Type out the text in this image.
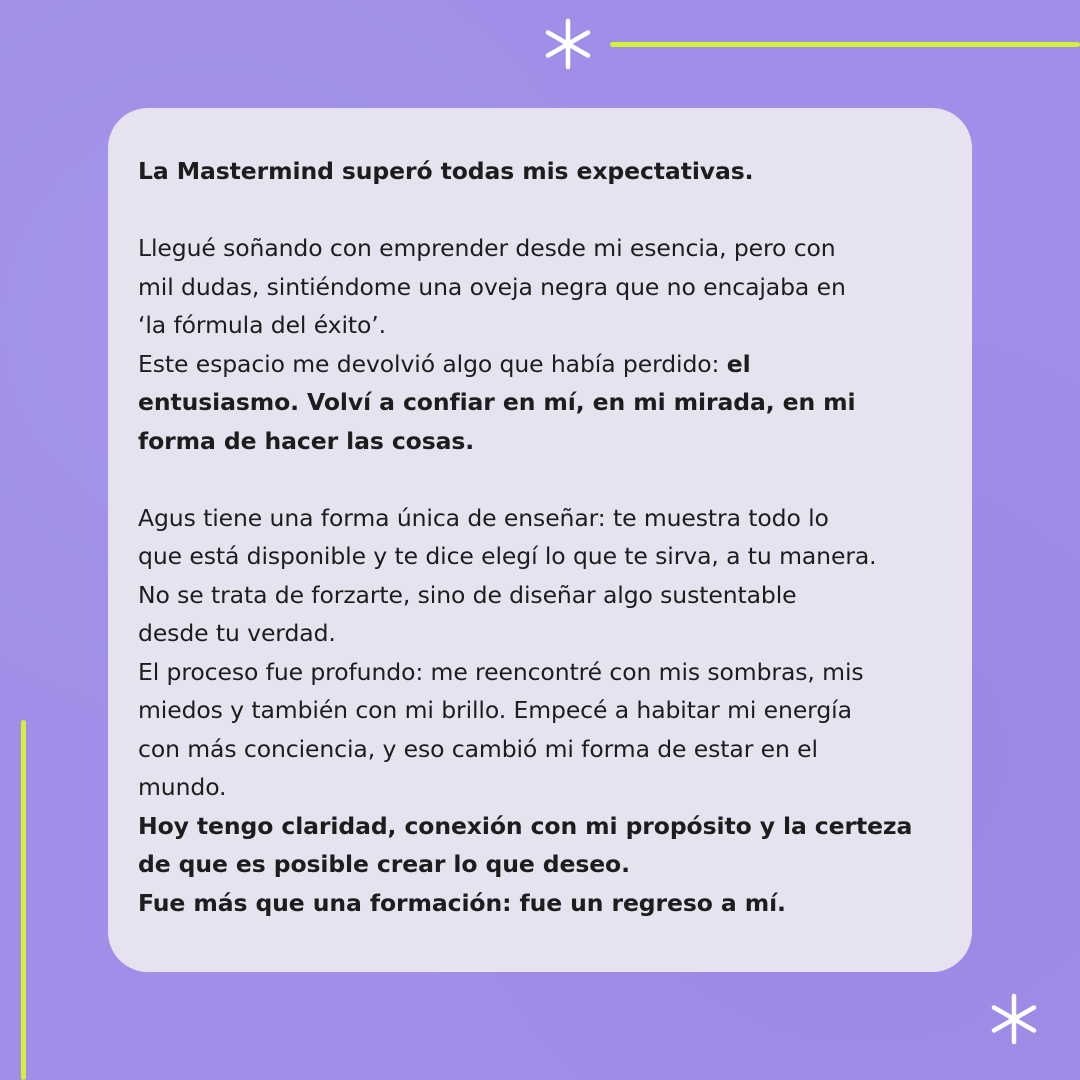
La Mastermind superó todas mis expectativas.

Llegué soñando con emprender desde mi esencia, pero con

mil dudas, sintiéndome una oveja negra que no encajaba en

‘la fórmula del éxito’.

Este espacio me devolvió algo que había perdido: el

entusiasmo. Volví a confiar en mí, en mi mirada, en mi

forma de hacer las cosas.

Agus tiene una forma única de enseñar: te muestra todo lo

que está disponible y te dice elegí lo que te sirva, a tu manera.

No se trata de forzarte, sino de diseñar algo sustentable

desde tu verdad.

El proceso fue profundo: me reencontré con mis sombras, mis

miedos y también con mi brillo. Empecé a habitar mi energía

con más conciencia, y eso cambió mi forma de estar en el

mundo.

Hoy tengo claridad, conexión con mi propósito y la certeza

de que es posible crear lo que deseo.

Fue más que una formación: fue un regreso a mí.
